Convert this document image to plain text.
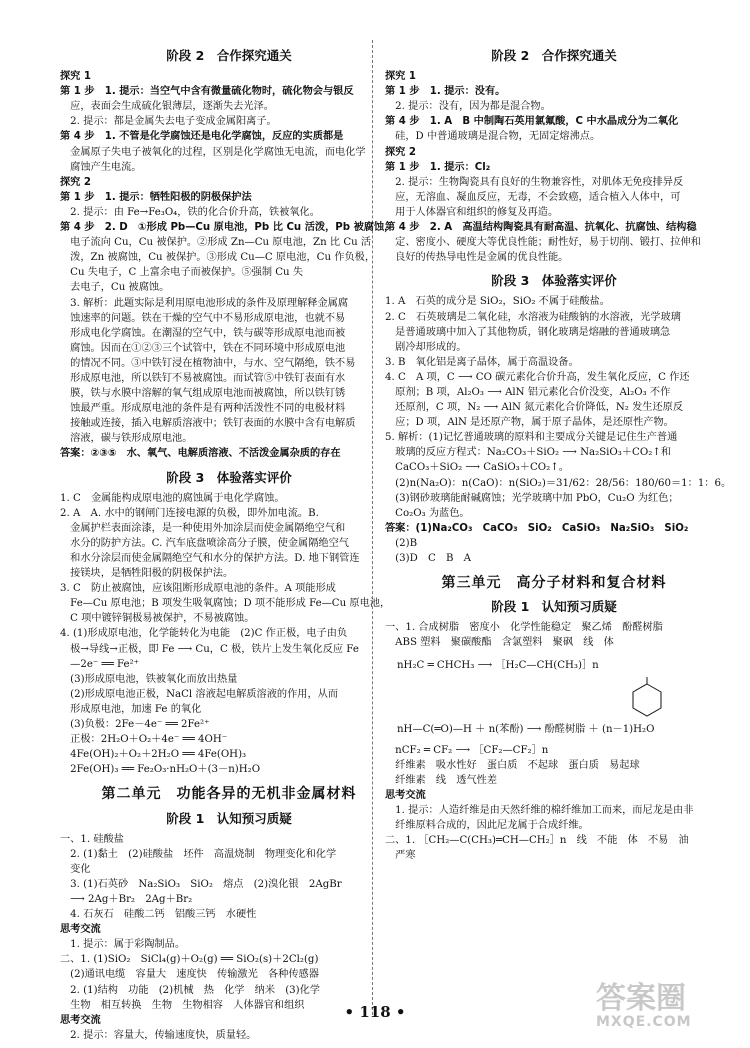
阶段 2　合作探究通关
探究 1
第 1 步　1. 提示：当空气中含有微量硫化物时，硫化物会与银反
　应，表面会生成硫化银薄层，逐渐失去光泽。
　2. 提示：都是金属失去电子变成金属阳离子。
第 4 步　1. 不管是化学腐蚀还是电化学腐蚀，反应的实质都是
　金属原子失电子被氧化的过程，区别是化学腐蚀无电流，而电化学
　腐蚀产生电流。
探究 2
第 1 步　1. 提示：牺牲阳极的阴极保护法
　2. 提示：由 Fe→Fe₃O₄，铁的化合价升高，铁被氧化。
第 4 步　2. D　①形成 Pb—Cu 原电池，Pb 比 Cu 活泼，Pb 被腐蚀，
　电子流向 Cu，Cu 被保护。②形成 Zn—Cu 原电池，Zn 比 Cu 活
　泼，Zn 被腐蚀，Cu 被保护。③形成 Cu—C 原电池，Cu 作负极，
　Cu 失电子，C 上富余电子而被保护。⑤强制 Cu 失
　去电子，Cu 被腐蚀。
　3. 解析：此题实际是利用原电池形成的条件及原理解释金属腐
　蚀速率的问题。铁在干燥的空气中不易形成原电池，也就不易
　形成电化学腐蚀。在潮湿的空气中，铁与碳等形成原电池而被
　腐蚀。因而在①②③三个试管中，铁在不同环境中形成原电池
　的情况不同。③中铁钉浸在植物油中，与水、空气隔绝，铁不易
　形成原电池，所以铁钉不易被腐蚀。而试管⑤中铁钉表面有水
　膜，铁与水膜中溶解的氧气组成原电池而被腐蚀，所以铁钉锈
　蚀最严重。形成原电池的条件是有两种活泼性不同的电极材料
　接触或连接，插入电解质溶液中；铁钉表面的水膜中含有电解质
　溶液，碳与铁形成原电池。
答案：②③⑤　水、氧气、电解质溶液、不活泼金属杂质的存在
阶段 3　体验落实评价
1. C　金属能构成原电池的腐蚀属于电化学腐蚀。
2. A　A. 水中的钢闸门连接电源的负极，即外加电流。B.
　金属护栏表面涂漆，是一种使用外加涂层而使金属隔绝空气和
　水分的防护方法。C. 汽车底盘喷涂高分子膜，使金属隔绝空气
　和水分涂层而使金属隔绝空气和水分的保护方法。D. 地下钢管连
　接镁块，是牺牲阳极的阴极保护法。
3. C　防止被腐蚀，应该阻断形成原电池的条件。A 项能形成
　Fe—Cu 原电池；B 项发生吸氧腐蚀；D 项不能形成 Fe—Cu 原电池，
　C 项中镀锌铜极易被保护，不易被腐蚀。
4. (1)形成原电池，化学能转化为电能　(2)C 作正极，电子由负
　极→导线→正极，即 Fe ⟶ Cu，C 极，铁片上发生氧化反应 Fe
　—2e⁻ ══ Fe²⁺
　(3)形成原电池，铁被氧化而放出热量
　(2)形成原电池正极，NaCl 溶液起电解质溶液的作用，从而
　形成原电池，加速 Fe 的氧化
　(3)负极：2Fe－4e⁻ ══ 2Fe²⁺
　正极：2H₂O＋O₂＋4e⁻ ══ 4OH⁻
　4Fe(OH)₂＋O₂＋2H₂O ══ 4Fe(OH)₃
　2Fe(OH)₃ ══ Fe₂O₃·nH₂O＋(3－n)H₂O
第二单元　功能各异的无机非金属材料
阶段 1　认知预习质疑
一、1. 硅酸盐
　2. (1)黏土　(2)硅酸盐　坯件　高温烧制　物理变化和化学
　变化
　3. (1)石英砂　Na₂SiO₃　SiO₂　熔点　(2)溴化银　2AgBr
　⟶ 2Ag＋Br₂　2Ag＋Br₂
　4. 石灰石　硅酸二钙　铝酸三钙　水硬性
思考交流
　1. 提示：属于彩陶制品。
二、1. (1)SiO₂　SiCl₄(g)＋O₂(g) ══ SiO₂(s)＋2Cl₂(g)
　(2)通讯电缆　容量大　速度快　传输激光　各种传感器
　2. (1)结构　功能　(2)机械　热　化学　纳米　(3)化学
　生物　相互转换　生物　生物相容　人体器官和组织
思考交流
　2. 提示：容量大，传输速度快，质量轻。
阶段 2　合作探究通关
探究 1
第 1 步　1. 提示：没有。
　2. 提示：没有，因为都是混合物。
第 4 步　1. A　B 中制陶石英用氯氟酸，C 中水晶成分为二氧化
　硅，D 中普通玻璃是混合物，无固定熔沸点。
探究 2
第 1 步　1. 提示：Cl₂
　2. 提示：生物陶瓷具有良好的生物兼容性，对肌体无免疫排异反
　应，无溶血、凝血反应，无毒，不会致癌，适合植入人体中，可
　用于人体器官和组织的修复及再造。
第 4 步　2. A　高温结构陶瓷具有耐高温、抗氧化、抗腐蚀、结构稳
　定、密度小、硬度大等优良性能；耐性好，易于切削、锻打、拉伸和
　良好的传热导电性是金属的优良性能。
阶段 3　体验落实评价
1. A　石英的成分是 SiO₂，SiO₂ 不属于硅酸盐。
2. C　石英玻璃是二氧化硅，水溶液为硅酸钠的水溶液，光学玻璃
　是普通玻璃中加入了其他物质，钢化玻璃是熔融的普通玻璃急
　剧冷却形成的。
3. B　氧化铝是离子晶体，属于高温设备。
4. C　A 项，C ⟶ CO 碳元素化合价升高，发生氧化反应，C 作还
　原剂；B 项，Al₂O₃ ⟶ AlN 铝元素化合价没变，Al₂O₃ 不作
　还原剂，C 项，N₂ ⟶ AlN 氮元素化合价降低，N₂ 发生还原反
　应；D 项，AlN 是还原产物，属于原子晶体，是还原性产物。
5. 解析：(1)记忆普通玻璃的原料和主要成分关键是记住生产普通
　玻璃的反应方程式：Na₂CO₃＋SiO₂ ⟶ Na₂SiO₃＋CO₂↑和
　CaCO₃＋SiO₂ ⟶ CaSiO₃＋CO₂↑。
　(2)n(Na₂O)：n(CaO)：n(SiO₂)＝31/62：28/56：180/60＝1：1：6。
　(3)钢砂玻璃能耐碱腐蚀；光学玻璃中加 PbO，Cu₂O 为红色；
　Co₂O₃ 为蓝色。
答案：(1)Na₂CO₃　CaCO₃　SiO₂　CaSiO₃　Na₂SiO₃　SiO₂
　(2)B
　(3)D　C　B　A
第三单元　高分子材料和复合材料
阶段 1　认知预习质疑
一、1. 合成树脂　密度小　化学性能稳定　聚乙烯　酚醛树脂
　ABS 塑料　聚碳酸酯　含氯塑料　聚砜　线　体
nH₂C ═ CHCH₃ ⟶ ［H₂C—CH(CH₃)］n
nH—C(═O)—H ＋ n(苯酚) ⟶ 酚醛树脂 ＋ (n－1)H₂O
　nCF₂ ═ CF₂ ⟶ ［CF₂—CF₂］n
　纤维素　吸水性好　蛋白质　不起球　蛋白质　易起球
　纤维素　线　透气性差
思考交流
　1. 提示：人造纤维是由天然纤维的棉纤维加工而来，而尼龙是由非
　纤维原料合成的，因此尼龙属于合成纤维。
二、1. ［CH₂—C(CH₃)═CH—CH₂］n　线　不能　体　不易　油
　严寒
• 118 •	答案圈
MXQE.COM
